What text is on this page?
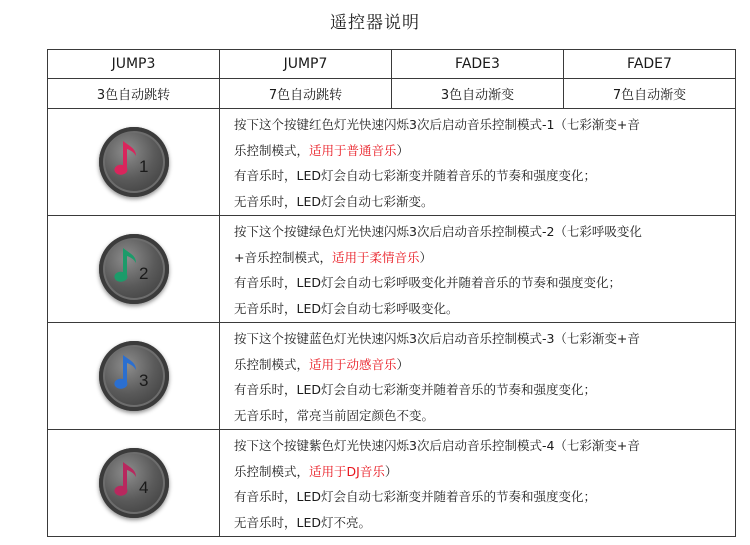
遥控器说明
JUMP3	JUMP7	FADE3	FADE7
3色自动跳转	7色自动跳转	3色自动渐变	7色自动渐变

1	按下这个按键红色灯光快速闪烁3次后启动音乐控制模式-1（七彩渐变+音

乐控制模式，适用于普通音乐）

有音乐时，LED灯会自动七彩渐变并随着音乐的节奏和强度变化；

无音乐时，LED灯会自动七彩渐变。		

2	按下这个按键绿色灯光快速闪烁3次后启动音乐控制模式-2（七彩呼吸变化

+音乐控制模式，适用于柔情音乐）

有音乐时，LED灯会自动七彩呼吸变化并随着音乐的节奏和强度变化；

无音乐时，LED灯会自动七彩呼吸变化。		

3	按下这个按键蓝色灯光快速闪烁3次后启动音乐控制模式-3（七彩渐变+音

乐控制模式，适用于动感音乐）

有音乐时，LED灯会自动七彩渐变并随着音乐的节奏和强度变化；

无音乐时，常亮当前固定颜色不变。		

4	按下这个按键紫色灯光快速闪烁3次后启动音乐控制模式-4（七彩渐变+音

乐控制模式，适用于DJ音乐）

有音乐时，LED灯会自动七彩渐变并随着音乐的节奏和强度变化；

无音乐时，LED灯不亮。		
